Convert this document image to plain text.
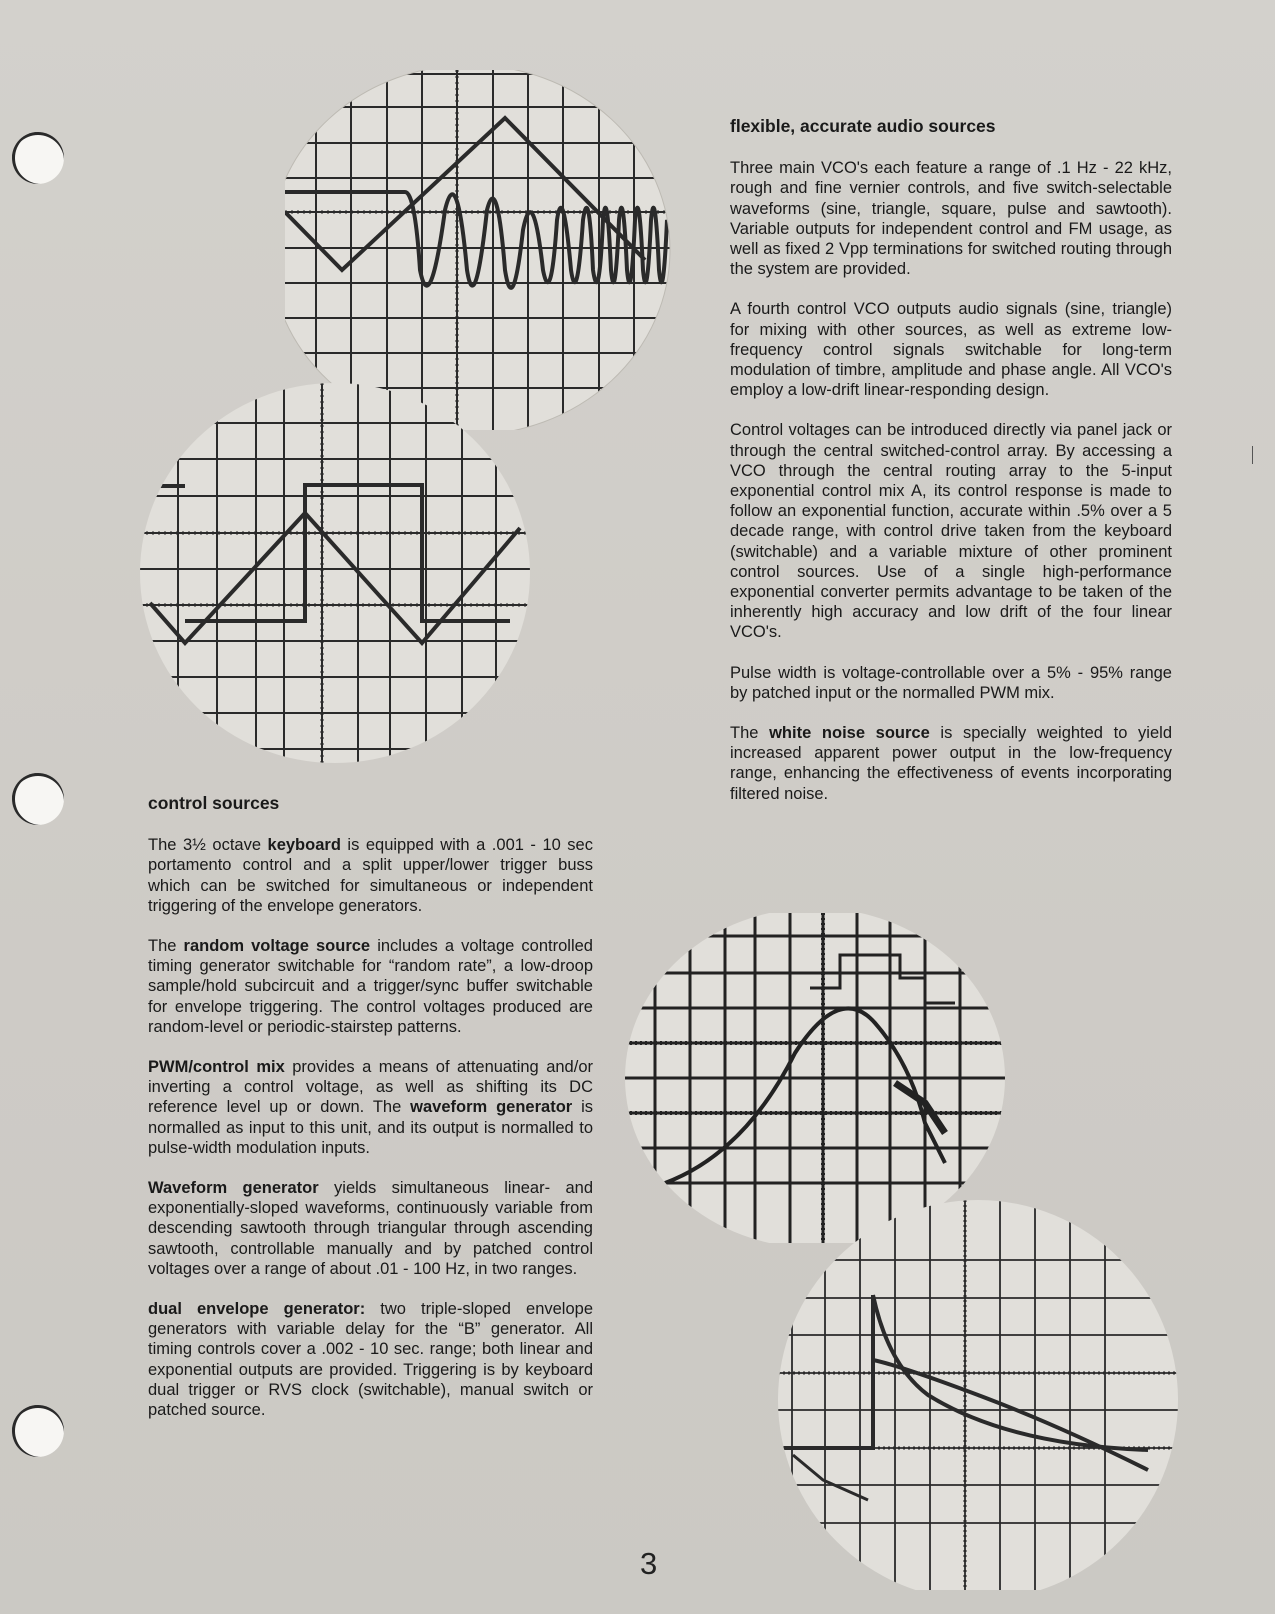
flexible, accurate audio sources

Three main VCO's each feature a range of .1 Hz - 22 kHz, rough and fine vernier controls, and five switch-selectable waveforms (sine, triangle, square, pulse and sawtooth). Variable outputs for independent control and FM usage, as well as fixed 2 Vpp terminations for switched routing through the system are provided.

A fourth control VCO outputs audio signals (sine, triangle) for mixing with other sources, as well as extreme low-frequency control signals switchable for long-term modulation of timbre, amplitude and phase angle. All VCO's employ a low-drift linear-responding design.

Control voltages can be introduced directly via panel jack or through the central switched-control array. By accessing a VCO through the central routing array to the 5-input exponential control mix A, its control response is made to follow an exponential function, accurate within .5% over a 5 decade range, with control drive taken from the keyboard (switchable) and a variable mixture of other prominent control sources. Use of a single high-performance exponential converter permits advantage to be taken of the inherently high accuracy and low drift of the four linear VCO's.

Pulse width is voltage-controllable over a 5% - 95% range by patched input or the normalled PWM mix.

The white noise source is specially weighted to yield increased apparent power output in the low-frequency range, enhancing the effectiveness of events incorporating filtered noise.

control sources

The 3½ octave keyboard is equipped with a .001 - 10 sec portamento control and a split upper/lower trigger buss which can be switched for simultaneous or independent triggering of the envelope generators.

The random voltage source includes a voltage controlled timing generator switchable for “random rate”, a low-droop sample/hold subcircuit and a trigger/sync buffer switchable for envelope triggering. The control voltages produced are random-level or periodic-stairstep patterns.

PWM/control mix provides a means of attenuating and/or inverting a control voltage, as well as shifting its DC reference level up or down. The waveform generator is normalled as input to this unit, and its output is normalled to pulse-width modulation inputs.

Waveform generator yields simultaneous linear- and exponentially-sloped waveforms, continuously variable from descending sawtooth through triangular through ascending sawtooth, controllable manually and by patched control voltages over a range of about .01 - 100 Hz, in two ranges.

dual envelope generator: two triple-sloped envelope generators with variable delay for the “B” generator. All timing controls cover a .002 - 10 sec. range; both linear and exponential outputs are provided. Triggering is by keyboard dual trigger or RVS clock (switchable), manual switch or patched source.

3
